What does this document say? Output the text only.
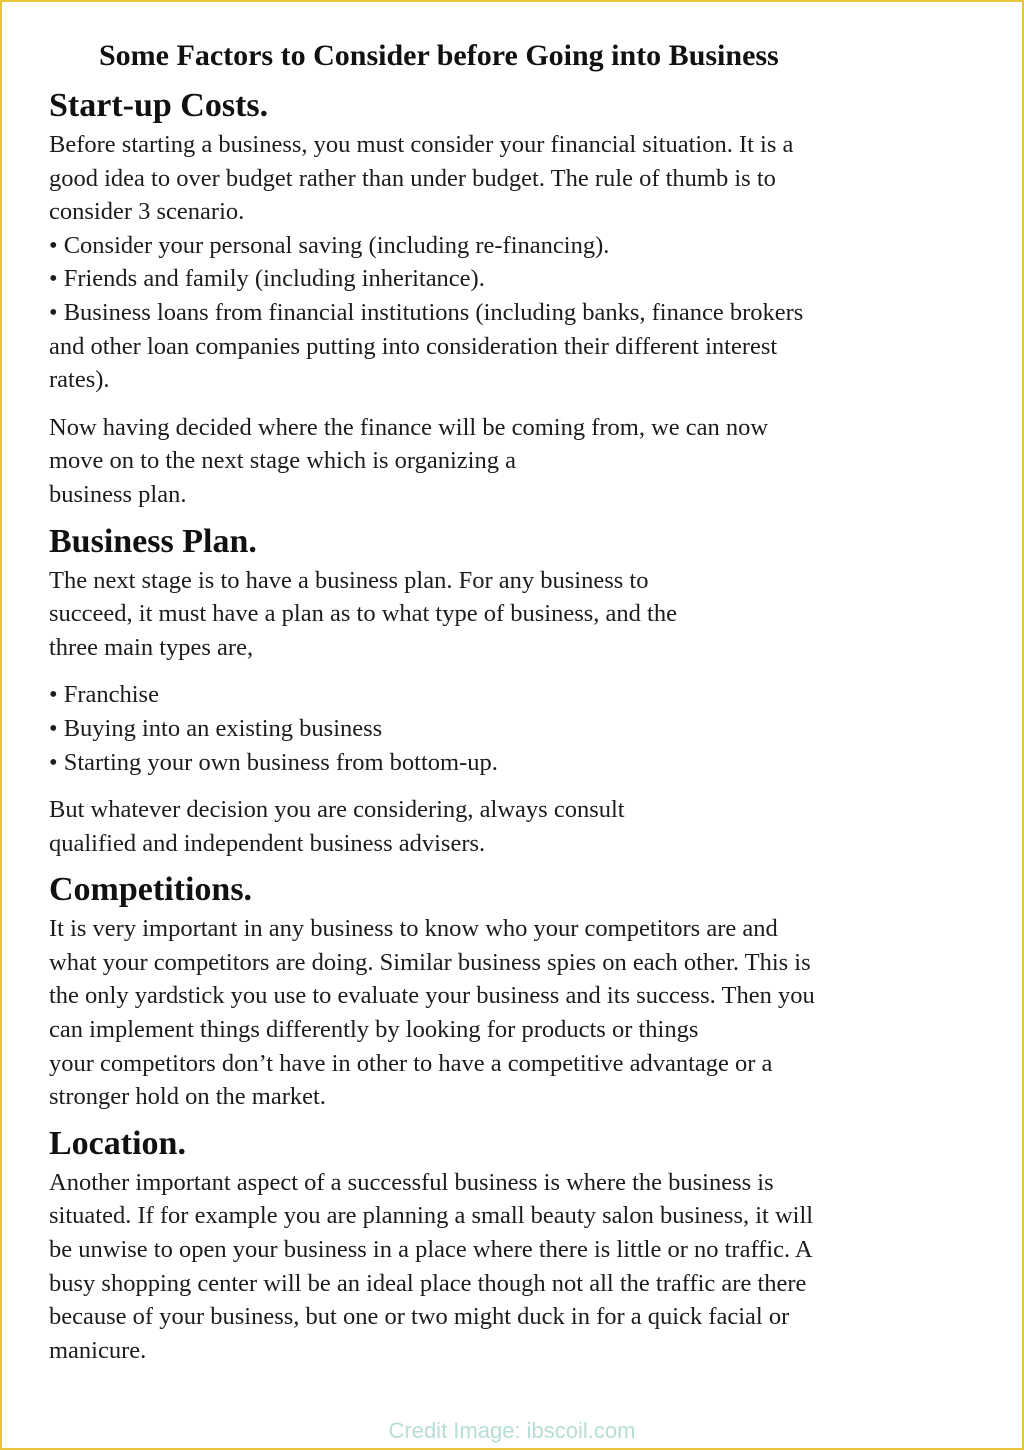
Some Factors to Consider before Going into Business
Start-up Costs.

Before starting a business, you must consider your financial situation. It is a

good idea to over budget rather than under budget. The rule of thumb is to

consider 3 scenario.

• Consider your personal saving (including re-financing).

• Friends and family (including inheritance).

• Business loans from financial institutions (including banks, finance brokers

and other loan companies putting into consideration their different interest

rates).

Now having decided where the finance will be coming from, we can now

move on to the next stage which is organizing a

business plan.

Business Plan.

The next stage is to have a business plan. For any business to

succeed, it must have a plan as to what type of business, and the

three main types are,

• Franchise

• Buying into an existing business

• Starting your own business from bottom-up.

But whatever decision you are considering, always consult

qualified and independent business advisers.

Competitions.

It is very important in any business to know who your competitors are and

what your competitors are doing. Similar business spies on each other. This is

the only yardstick you use to evaluate your business and its success. Then you

can implement things differently by looking for products or things

your competitors don’t have in other to have a competitive advantage or a

stronger hold on the market.

Location.

Another important aspect of a successful business is where the business is

situated. If for example you are planning a small beauty salon business, it will

be unwise to open your business in a place where there is little or no traffic. A

busy shopping center will be an ideal place though not all the traffic are there

because of your business, but one or two might duck in for a quick facial or

manicure.

Credit Image: ibscoil.com
